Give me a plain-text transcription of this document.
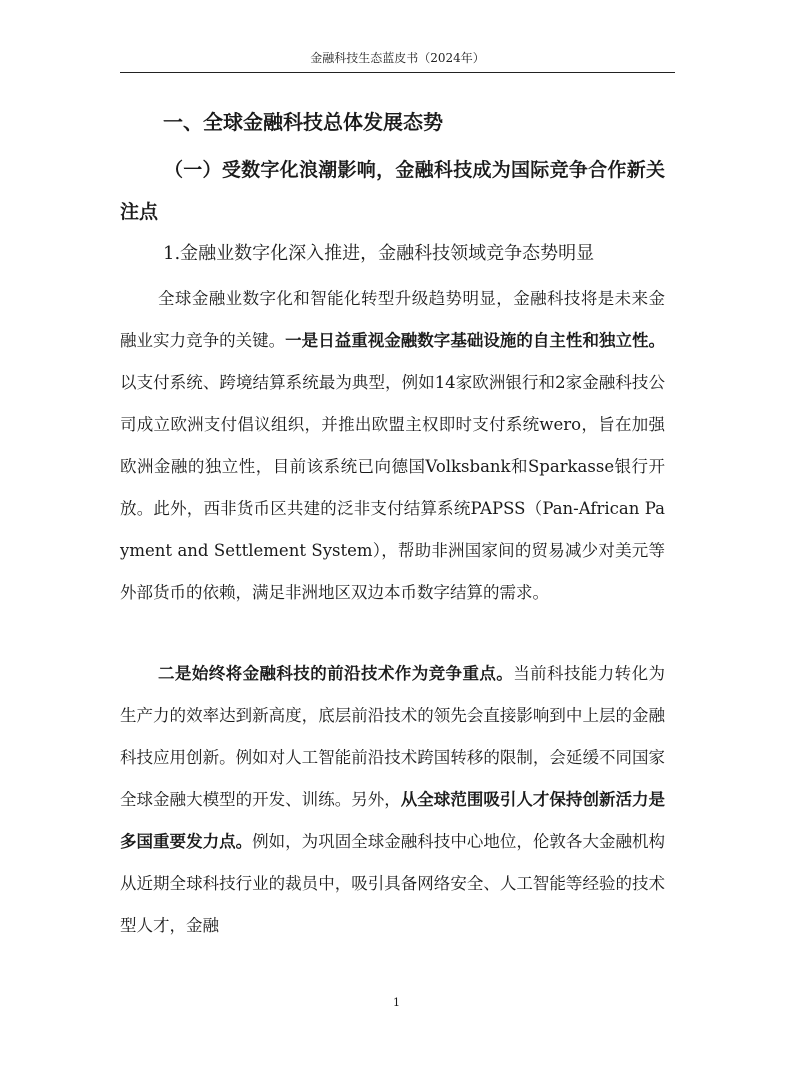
金融科技生态蓝皮书（2024年）
一、全球金融科技总体发展态势
（一）受数字化浪潮影响，金融科技成为国际竞争合作新关注点
1.金融业数字化深入推进，金融科技领域竞争态势明显

全球金融业数字化和智能化转型升级趋势明显，金融科技将是未来金融业实力竞争的关键。一是日益重视金融数字基础设施的自主性和独立性。以支付系统、跨境结算系统最为典型，例如14家欧洲银行和2家金融科技公司成立欧洲支付倡议组织，并推出欧盟主权即时支付系统wero，旨在加强欧洲金融的独立性，目前该系统已向德国Volksbank和Sparkasse银行开放。此外，西非货币区共建的泛非支付结算系统PAPSS（Pan-African Payment and Settlement System），帮助非洲国家间的贸易减少对美元等外部货币的依赖，满足非洲地区双边本币数字结算的需求。

二是始终将金融科技的前沿技术作为竞争重点。当前科技能力转化为生产力的效率达到新高度，底层前沿技术的领先会直接影响到中上层的金融科技应用创新。例如对人工智能前沿技术跨国转移的限制，会延缓不同国家全球金融大模型的开发、训练。另外，从全球范围吸引人才保持创新活力是多国重要发力点。例如，为巩固全球金融科技中心地位，伦敦各大金融机构从近期全球科技行业的裁员中，吸引具备网络安全、人工智能等经验的技术型人才，金融

1
